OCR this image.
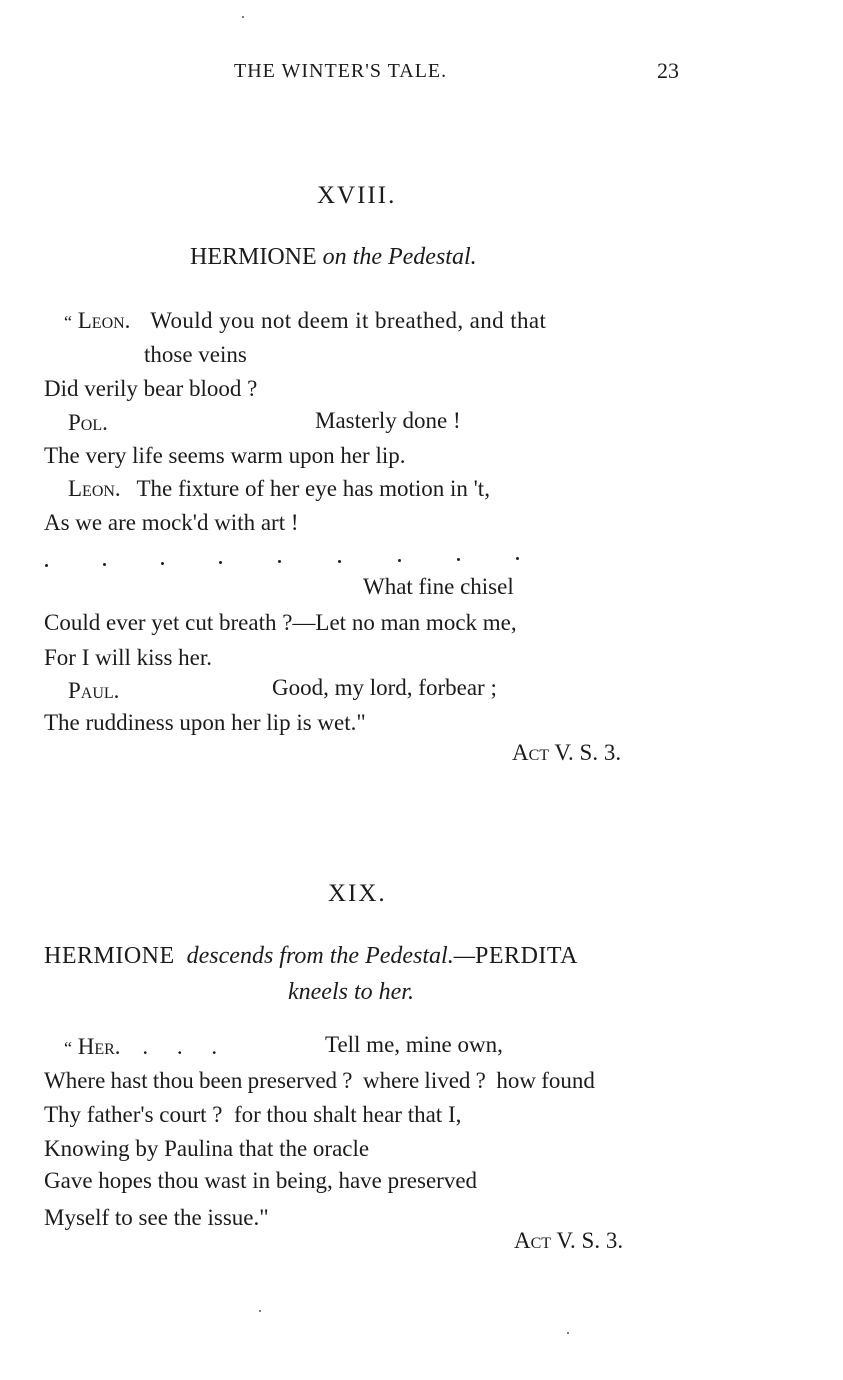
THE WINTER'S TALE.	23
XVIII.
HERMIONE on the Pedestal.
“ Leon. Would you not deem it breathed, and that
those veins
Did verily bear blood ?
Pol.	Masterly done !
The very life seems warm upon her lip.
Leon. The fixture of her eye has motion in 't,
As we are mock'd with art !
What fine chisel
Could ever yet cut breath ?—Let no man mock me,
For I will kiss her.
Paul.	Good, my lord, forbear ;
The ruddiness upon her lip is wet."
Act V. S. 3.
XIX.
HERMIONE descends from the Pedestal.—PERDITA
kneels to her.
“ Her. .     .     .	Tell me, mine own,
Where hast thou been preserved ?  where lived ?  how found
Thy father's court ?  for thou shalt hear that I,
Knowing by Paulina that the oracle
Gave hopes thou wast in being, have preserved
Myself to see the issue."
Act V. S. 3.
